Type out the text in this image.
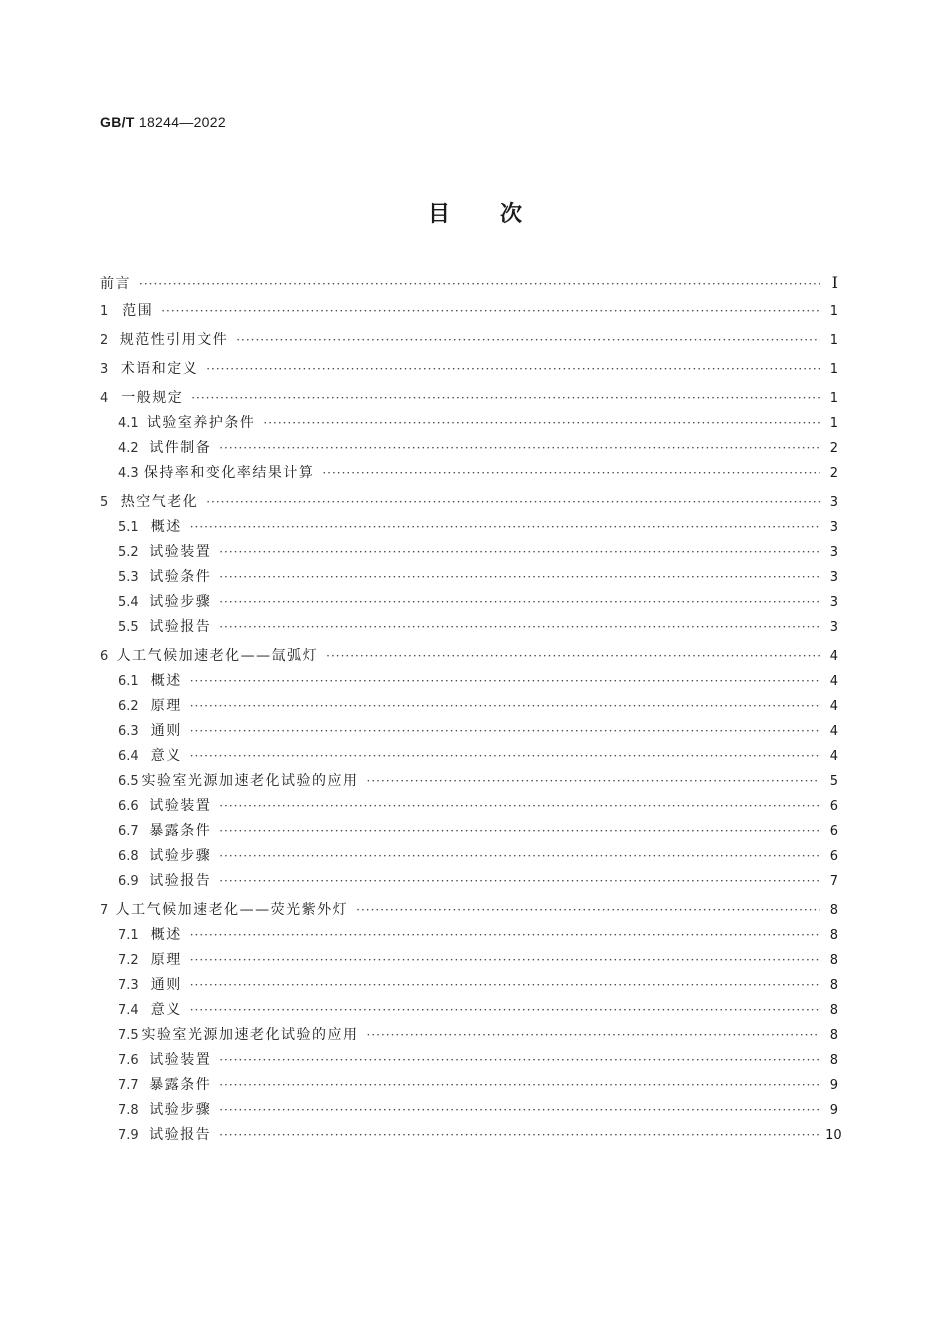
GB/T 18244—2022
目 次
前言 ·····	I
1 范围 ·····	1
2 规范性引用文件 ·····	1
3 术语和定义 ·····	1
4 一般规定 ·····	1
4.1 试验室养护条件 ·····	1
4.2 试件制备 ·····	2
4.3 保持率和变化率结果计算 ·····	2
5 热空气老化 ·····	3
5.1 概述 ·····	3
5.2 试验装置 ·····	3
5.3 试验条件 ·····	3
5.4 试验步骤 ·····	3
5.5 试验报告 ·····	3
6 人工气候加速老化——氙弧灯 ·····	4
6.1 概述 ·····	4
6.2 原理 ·····	4
6.3 通则 ·····	4
6.4 意义 ·····	4
6.5 实验室光源加速老化试验的应用 ·····	5
6.6 试验装置 ·····	6
6.7 暴露条件 ·····	6
6.8 试验步骤 ·····	6
6.9 试验报告 ·····	7
7 人工气候加速老化——荧光紫外灯 ·····	8
7.1 概述 ·····	8
7.2 原理 ·····	8
7.3 通则 ·····	8
7.4 意义 ·····	8
7.5 实验室光源加速老化试验的应用 ·····	8
7.6 试验装置 ·····	8
7.7 暴露条件 ·····	9
7.8 试验步骤 ·····	9
7.9 试验报告 ·····	10
